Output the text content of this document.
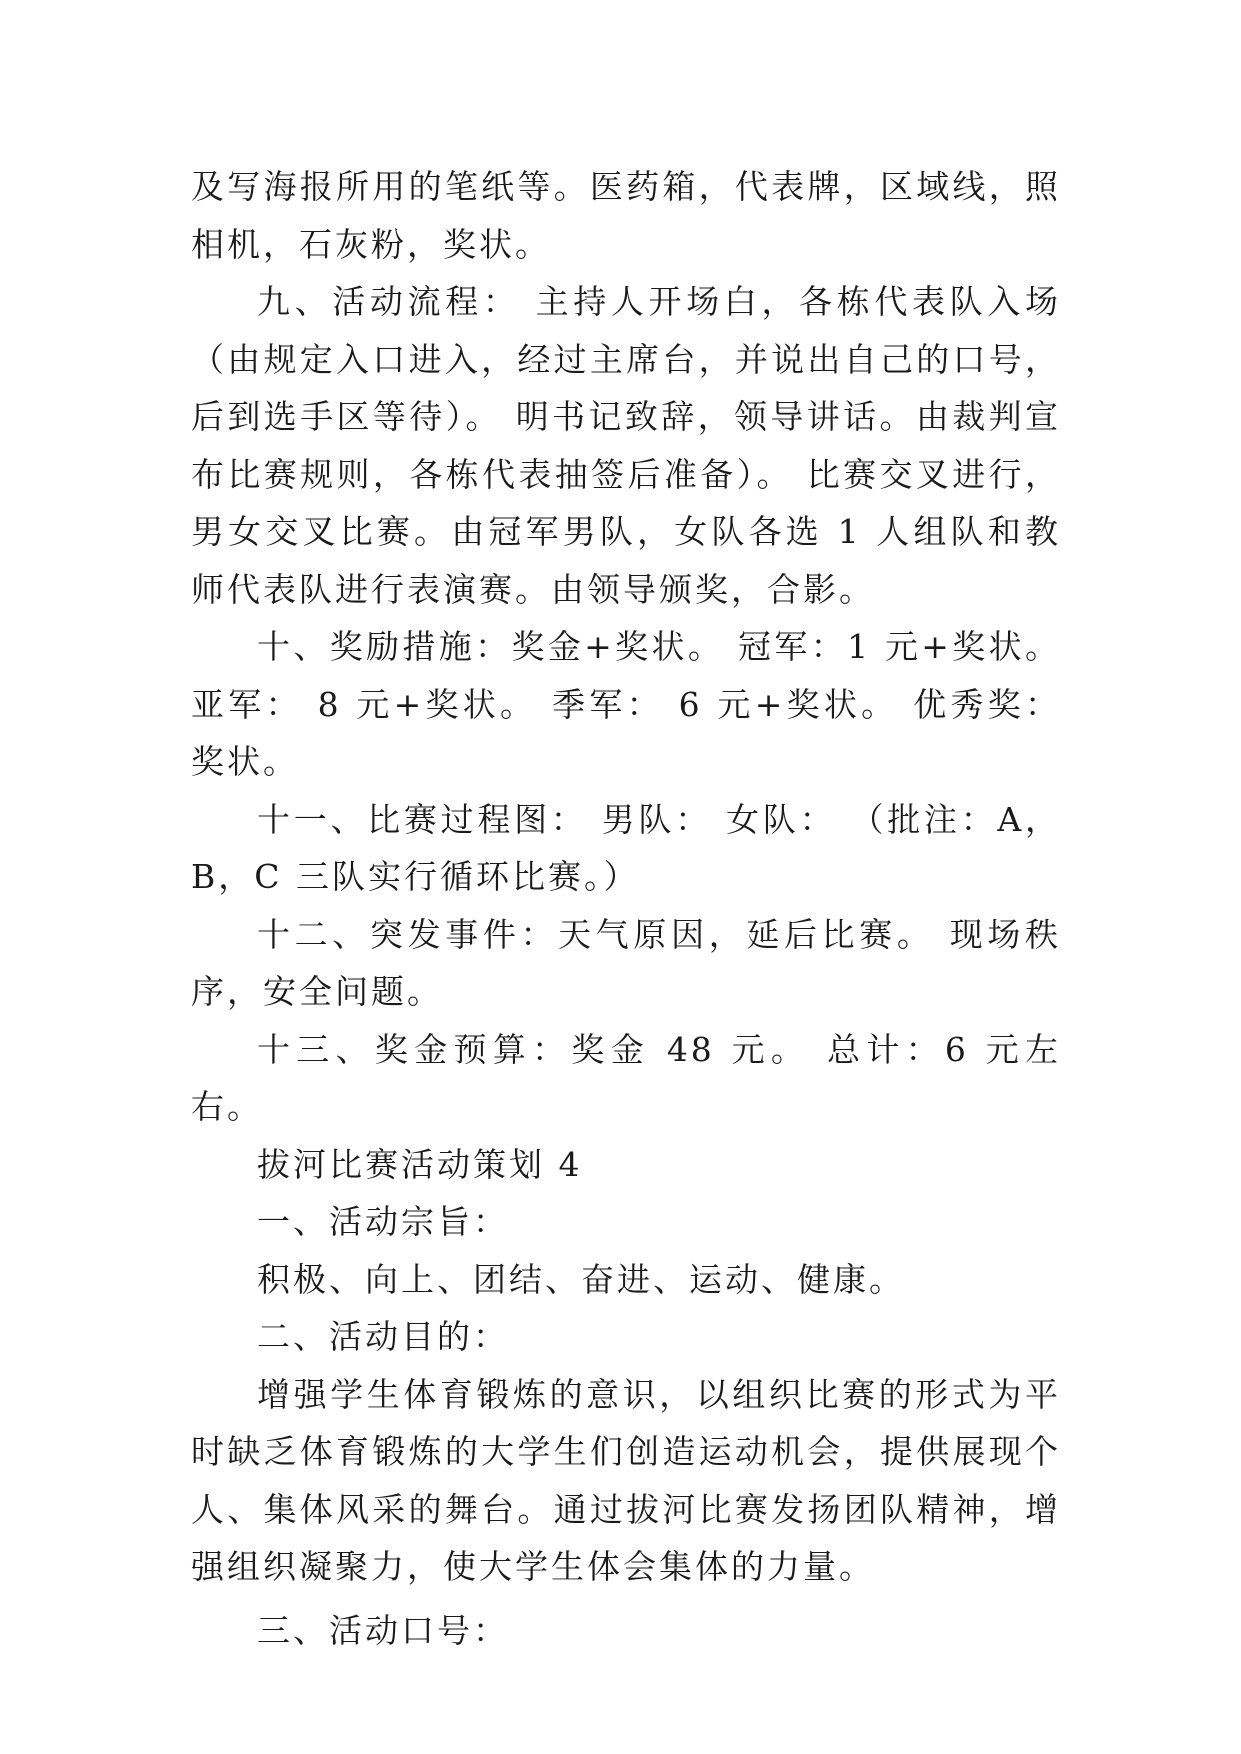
及写海报所用的笔纸等。医药箱，代表牌，区域线，照相机，石灰粉，奖状。

九、活动流程： 主持人开场白，各栋代表队入场（由规定入口进入，经过主席台，并说出自己的口号，后到选手区等待）。 明书记致辞，领导讲话。由裁判宣布比赛规则，各栋代表抽签后准备）。 比赛交叉进行，男女交叉比赛。由冠军男队，女队各选 1 人组队和教师代表队进行表演赛。由领导颁奖，合影。

十、奖励措施：奖金+奖状。 冠军：1 元+奖状。 亚军： 8 元+奖状。 季军： 6 元+奖状。 优秀奖：奖状。

十一、比赛过程图： 男队： 女队： （批注：A，B，C 三队实行循环比赛。）

十二、突发事件：天气原因，延后比赛。 现场秩序，安全问题。

十三、奖金预算：奖金 48 元。 总计：6 元左右。

拔河比赛活动策划 4

一、活动宗旨：

积极、向上、团结、奋进、运动、健康。

二、活动目的：

增强学生体育锻炼的意识，以组织比赛的形式为平时缺乏体育锻炼的大学生们创造运动机会，提供展现个人、集体风采的舞台。通过拔河比赛发扬团队精神，增强组织凝聚力，使大学生体会集体的力量。

三、活动口号：
